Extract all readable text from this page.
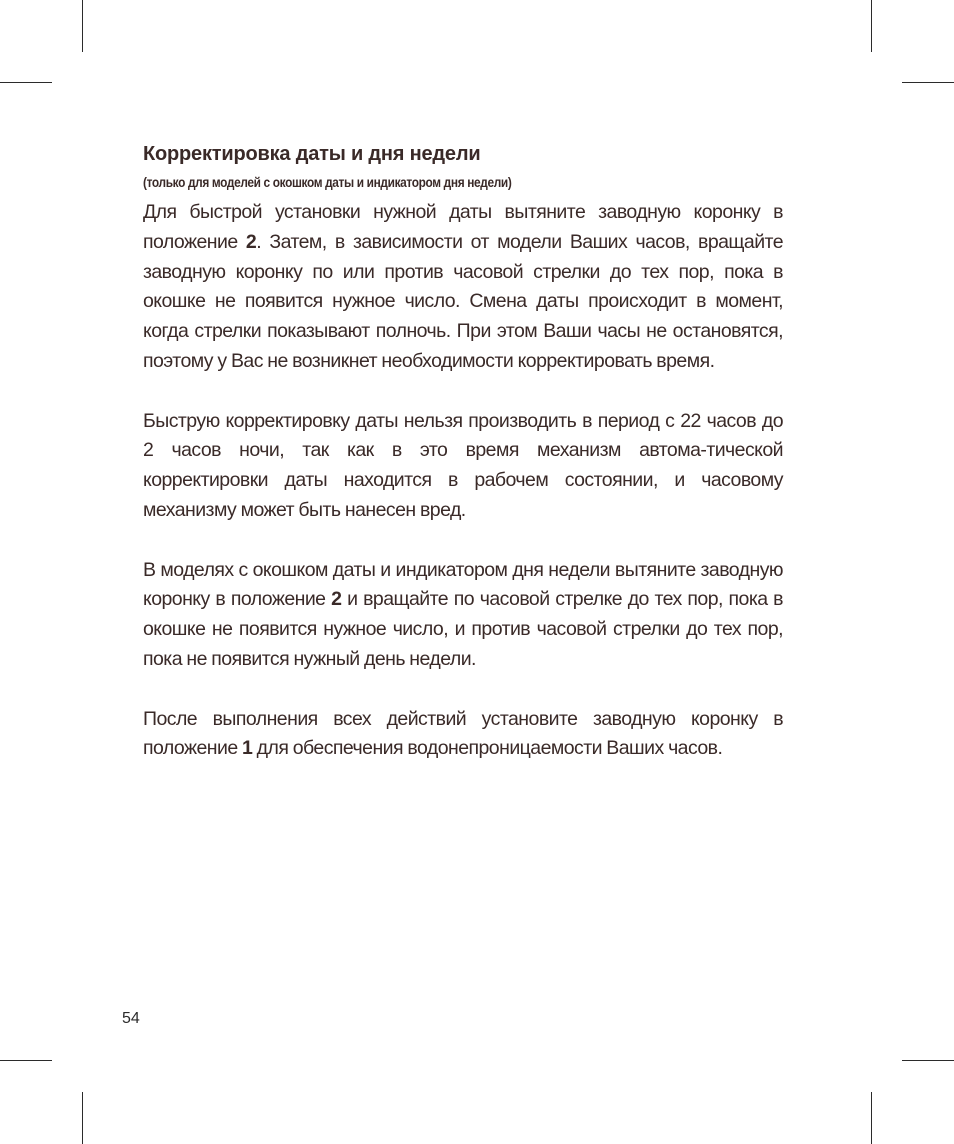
Корректировка даты и дня недели
(только для моделей с окошком даты и индикатором дня недели)

Для быстрой установки нужной даты вытяните заводную коронку в положение 2. Затем, в зависимости от модели Ваших часов, вращайте заводную коронку по или против часовой стрелки до тех пор, пока в окошке не появится нужное число. Смена даты происходит в момент, когда стрелки показывают полночь. При этом Ваши часы не остановятся, поэтому у Вас не возникнет необходимости корректировать время.

Быструю корректировку даты нельзя производить в период с 22 часов до 2 часов ночи, так как в это время механизм автома-тической корректировки даты находится в рабочем состоянии, и часовому механизму может быть нанесен вред.

В моделях с окошком даты и индикатором дня недели вытяните заводную коронку в положение 2 и вращайте по часовой стрелке до тех пор, пока в окошке не появится нужное число, и против часовой стрелки до тех пор, пока не появится нужный день недели.

После выполнения всех действий установите заводную коронку в положение 1 для обеспечения водонепроницаемости Ваших часов.

54
